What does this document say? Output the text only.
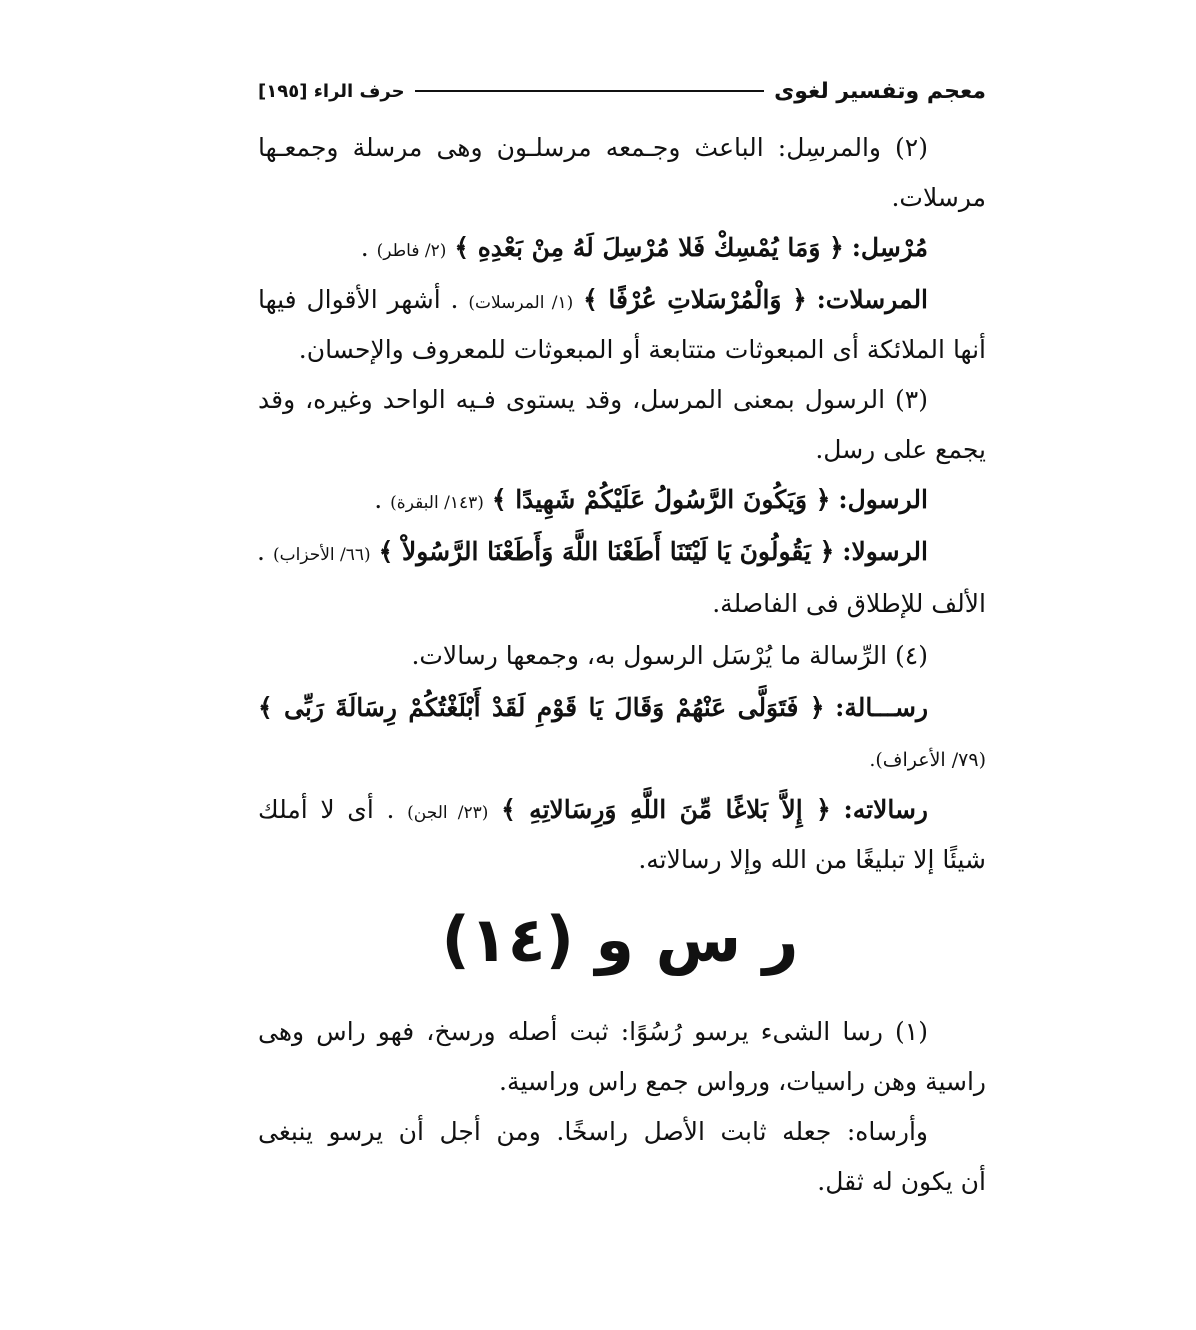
معجم وتفسير لغوى
حرف الراء [١٩٥]
(٢) والمرسِل: الباعث وجـمعه مرسلـون وهى مرسلة وجمعـها
مرسلات.
مُرْسِل: ﴿ وَمَا يُمْسِكْ فَلا مُرْسِلَ لَهُ مِنْ بَعْدِهِ ﴾ (٢/ فاطر) .
المرسلات: ﴿ وَالْمُرْسَلاتِ عُرْفًا ﴾ (١/ المرسلات) . أشهر الأقوال فيها
أنها الملائكة أى المبعوثات متتابعة أو المبعوثات للمعروف والإحسان.
(٣) الرسول بمعنى المرسل، وقد يستوى فـيه الواحد وغيره، وقد
يجمع على رسل.
الرسول: ﴿ وَيَكُونَ الرَّسُولُ عَلَيْكُمْ شَهِيدًا ﴾ (١٤٣/ البقرة) .
الرسولا: ﴿ يَقُولُونَ يَا لَيْتَنَا أَطَعْنَا اللَّهَ وَأَطَعْنَا الرَّسُولاْ ﴾ (٦٦/ الأحزاب) .
الألف للإطلاق فى الفاصلة.
(٤) الرِّسالة ما يُرْسَل الرسول به، وجمعها رسالات.
رســـالة: ﴿ فَتَوَلَّى عَنْهُمْ وَقَالَ يَا قَوْمِ لَقَدْ أَبْلَغْتُكُمْ رِسَالَةَ رَبِّى ﴾
(٧٩/ الأعراف).
رسالاته: ﴿ إِلاَّ بَلاغًا مِّنَ اللَّهِ وَرِسَالاتِهِ ﴾ (٢٣/ الجن) . أى لا أملك
شيئًا إلا تبليغًا من الله وإلا رسالاته.
ر س و (١٤)
(١) رسا الشىء يرسو رُسُوًا: ثبت أصله ورسخ، فهو راس وهى
راسية وهن راسيات، ورواس جمع راس وراسية.
وأرساه: جعله ثابت الأصل راسخًا. ومن أجل أن يرسو ينبغى
أن يكون له ثقل.
